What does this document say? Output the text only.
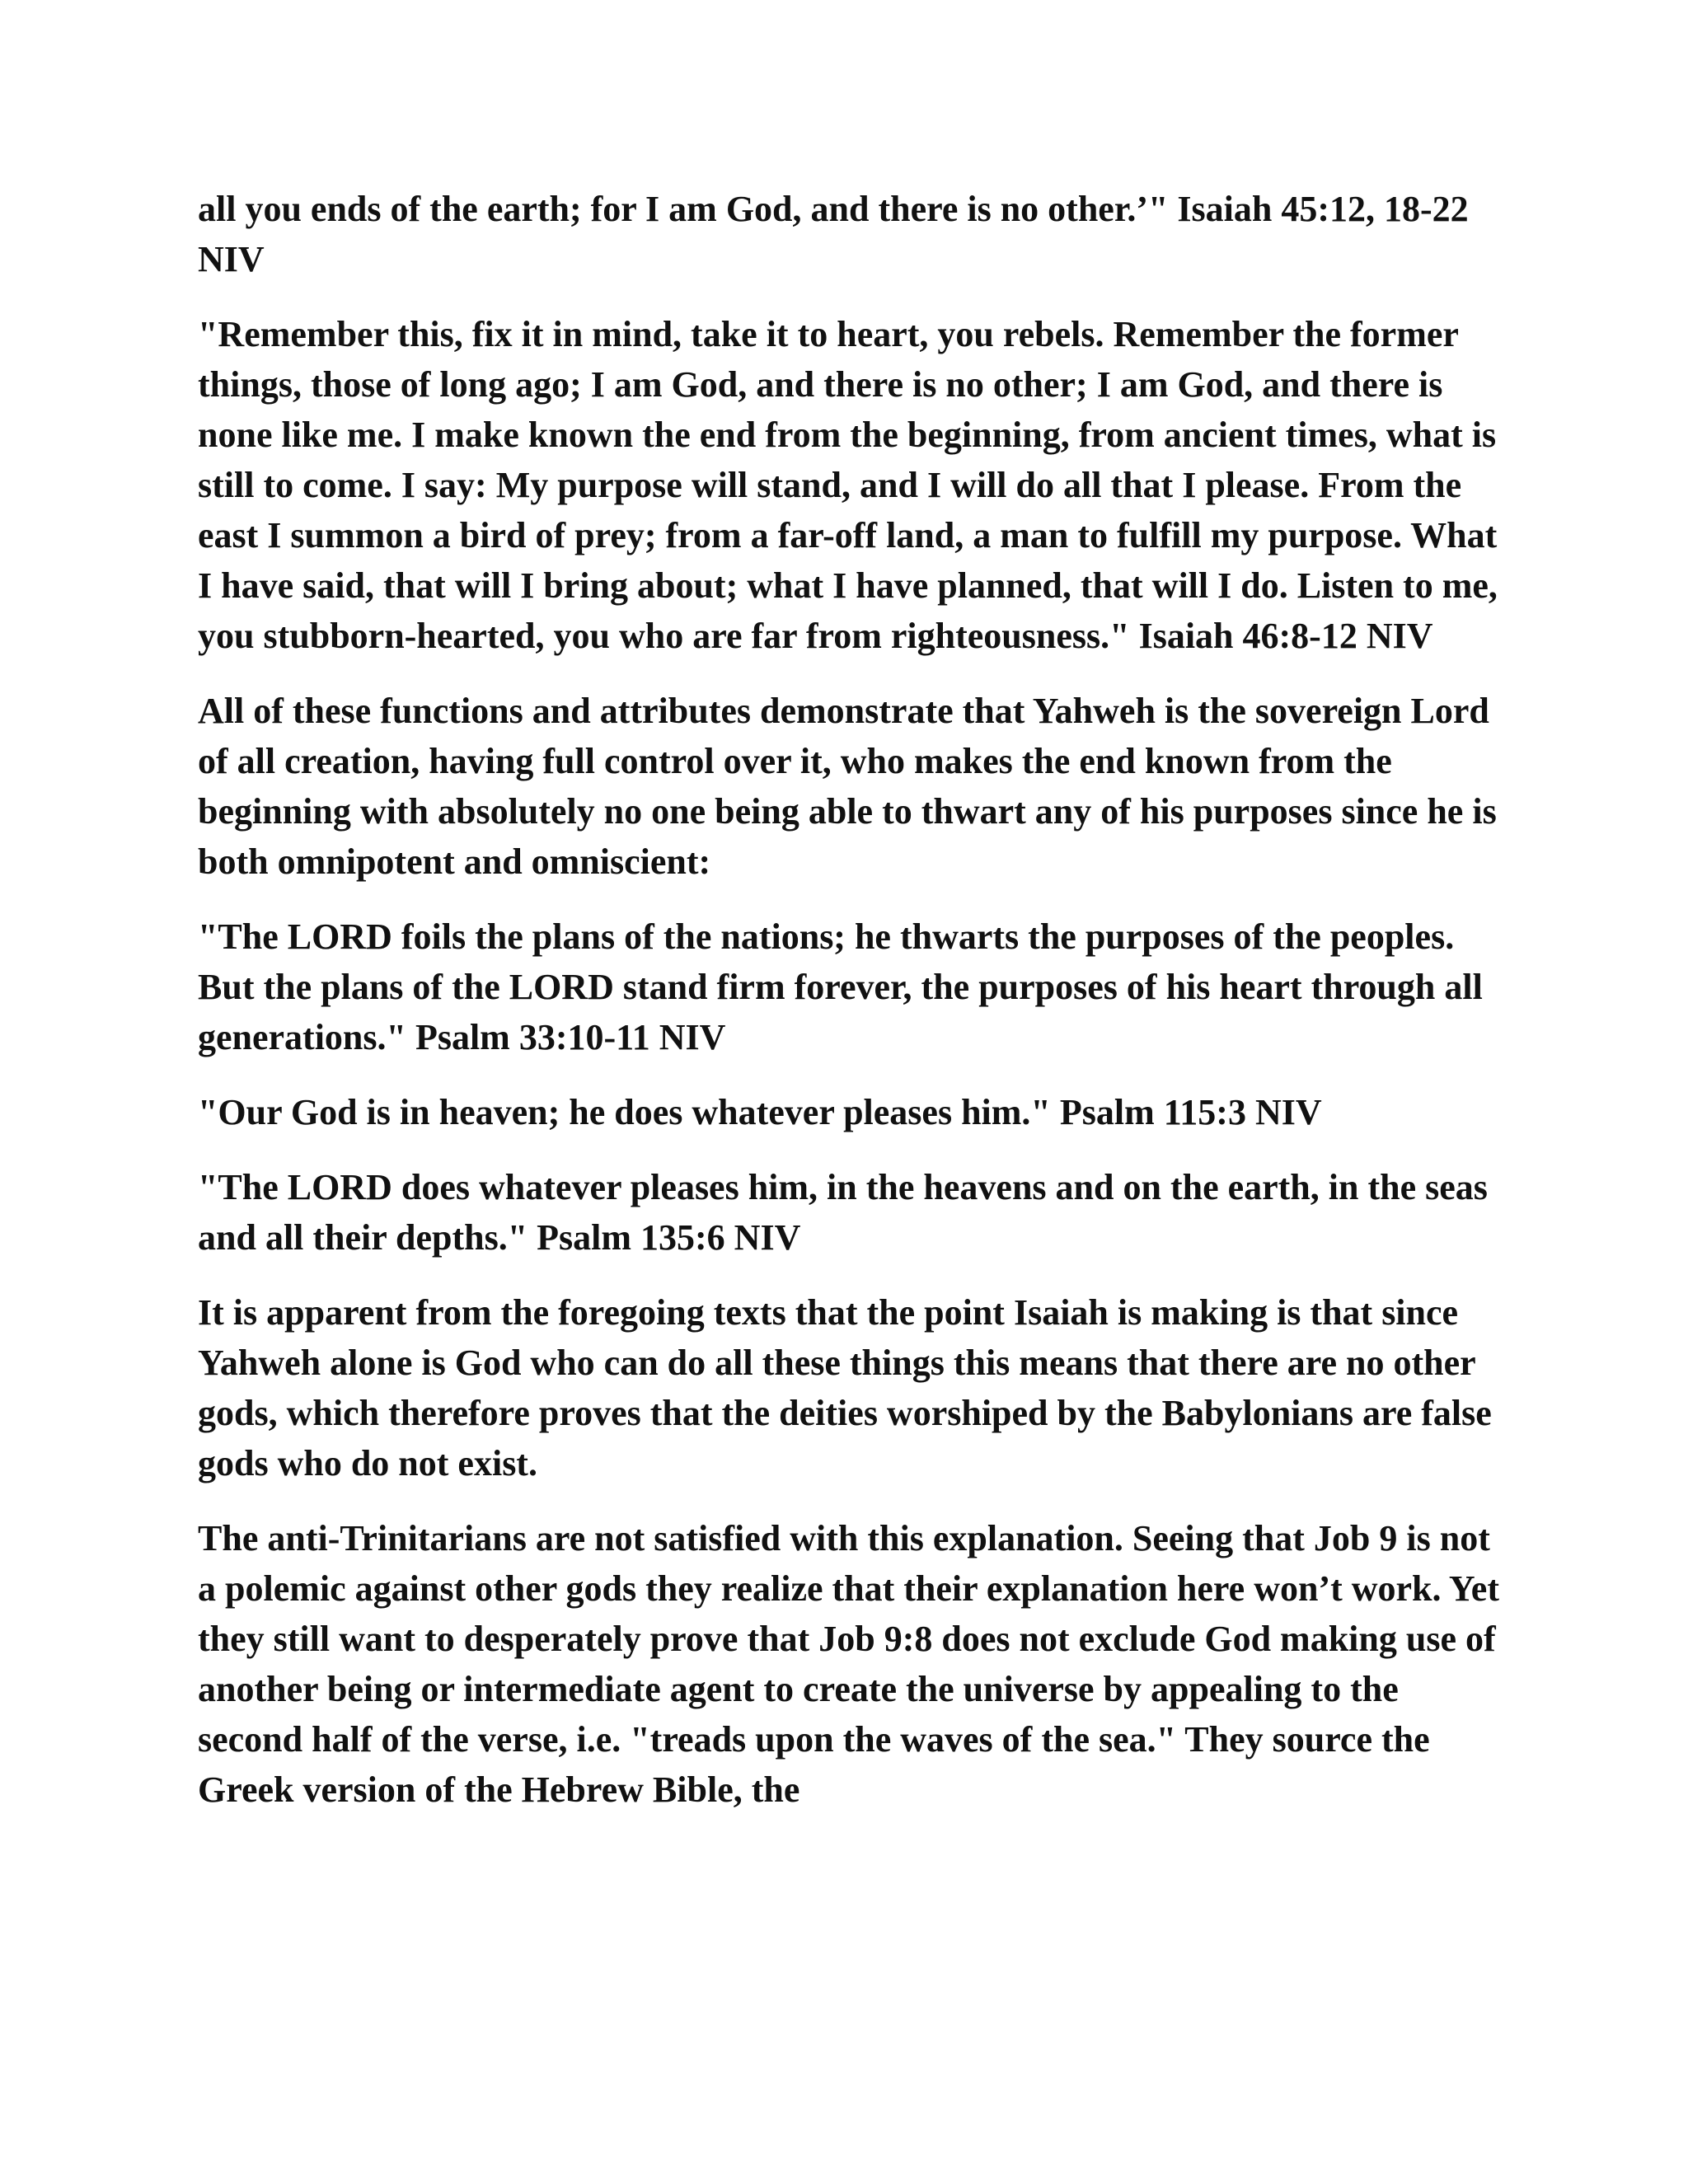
all you ends of the earth; for I am God, and there is no other.’" Isaiah 45:12, 18-22 NIV

"Remember this, fix it in mind, take it to heart, you rebels. Remember the former things, those of long ago; I am God, and there is no other; I am God, and there is none like me. I make known the end from the beginning, from ancient times, what is still to come. I say: My purpose will stand, and I will do all that I please. From the east I summon a bird of prey; from a far-off land, a man to fulfill my purpose. What I have said, that will I bring about; what I have planned, that will I do. Listen to me, you stubborn-hearted, you who are far from righteousness." Isaiah 46:8-12 NIV

All of these functions and attributes demonstrate that Yahweh is the sovereign Lord of all creation, having full control over it, who makes the end known from the beginning with absolutely no one being able to thwart any of his purposes since he is both omnipotent and omniscient:

"The LORD foils the plans of the nations; he thwarts the purposes of the peoples. But the plans of the LORD stand firm forever, the purposes of his heart through all generations." Psalm 33:10-11 NIV

"Our God is in heaven; he does whatever pleases him." Psalm 115:3 NIV

"The LORD does whatever pleases him, in the heavens and on the earth, in the seas and all their depths." Psalm 135:6 NIV

It is apparent from the foregoing texts that the point Isaiah is making is that since Yahweh alone is God who can do all these things this means that there are no other gods, which therefore proves that the deities worshiped by the Babylonians are false gods who do not exist.

The anti-Trinitarians are not satisfied with this explanation. Seeing that Job 9 is not a polemic against other gods they realize that their explanation here won’t work. Yet they still want to desperately prove that Job 9:8 does not exclude God making use of another being or intermediate agent to create the universe by appealing to the second half of the verse, i.e. "treads upon the waves of the sea." They source the Greek version of the Hebrew Bible, the
